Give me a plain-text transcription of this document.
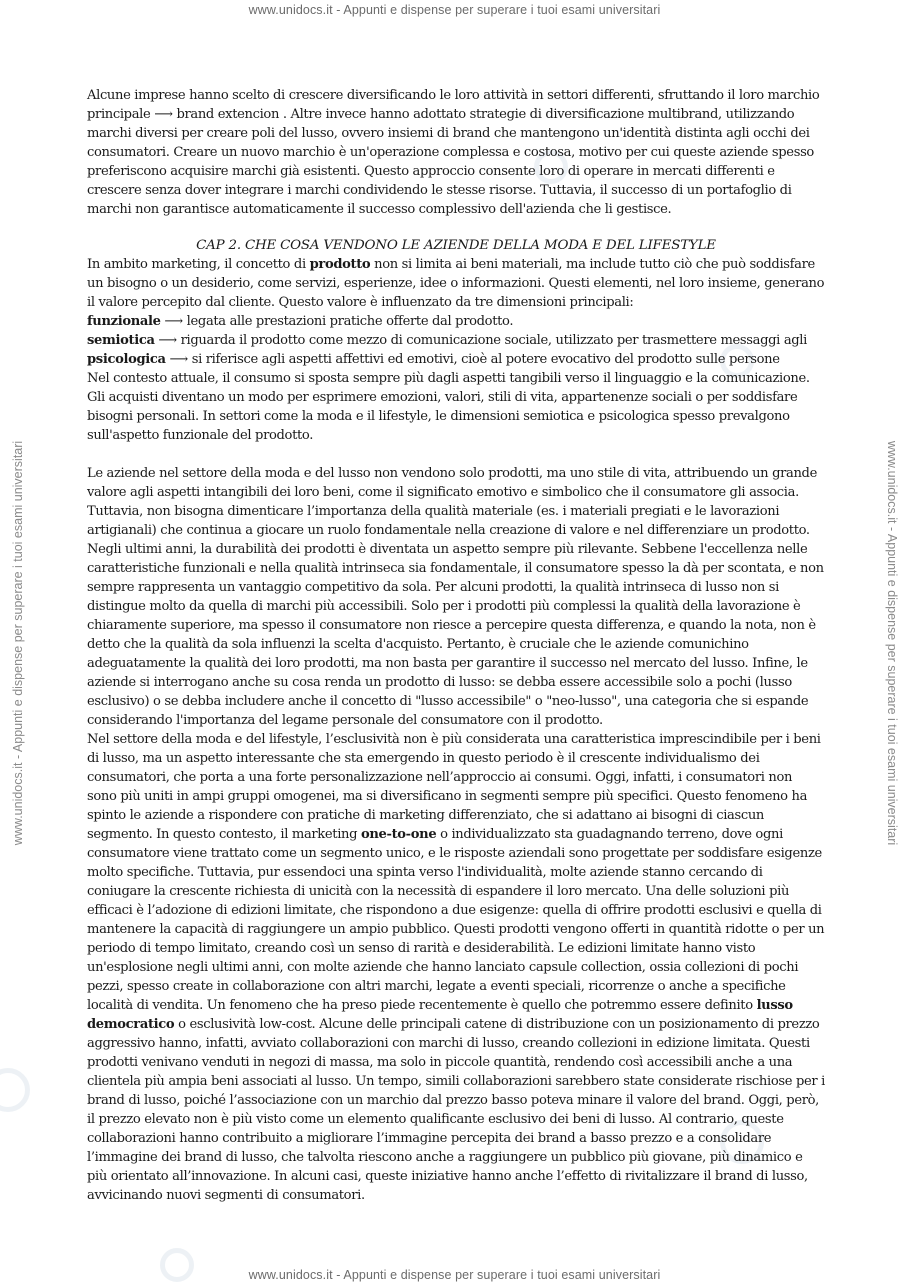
www.unidocs.it - Appunti e dispense per superare i tuoi esami universitari
www.unidocs.it - Appunti e dispense per superare i tuoi esami universitari	www.unidocs.it - Appunti e dispense per superare i tuoi esami universitari

Alcune imprese hanno scelto di crescere diversificando le loro attività in settori differenti, sfruttando il loro marchio principale ⟶ brand extencion . Altre invece hanno adottato strategie di diversificazione multibrand, utilizzando marchi diversi per creare poli del lusso, ovvero insiemi di brand che mantengono un'identità distinta agli occhi dei consumatori. Creare un nuovo marchio è un'operazione complessa e costosa, motivo per cui queste aziende spesso preferiscono acquisire marchi già esistenti. Questo approccio consente loro di operare in mercati differenti e crescere senza dover integrare i marchi condividendo le stesse risorse. Tuttavia, il successo di un portafoglio di marchi non garantisce automaticamente il successo complessivo dell'azienda che li gestisce.

CAP 2. CHE COSA VENDONO LE AZIENDE DELLA MODA E DEL LIFESTYLE

In ambito marketing, il concetto di prodotto non si limita ai beni materiali, ma include tutto ciò che può soddisfare un bisogno o un desiderio, come servizi, esperienze, idee o informazioni. Questi elementi, nel loro insieme, generano il valore percepito dal cliente. Questo valore è influenzato da tre dimensioni principali:

funzionale ⟶ legata alle prestazioni pratiche offerte dal prodotto.

semiotica ⟶ riguarda il prodotto come mezzo di comunicazione sociale, utilizzato per trasmettere messaggi agli

psicologica ⟶ si riferisce agli aspetti affettivi ed emotivi, cioè al potere evocativo del prodotto sulle persone

Nel contesto attuale, il consumo si sposta sempre più dagli aspetti tangibili verso il linguaggio e la comunicazione. Gli acquisti diventano un modo per esprimere emozioni, valori, stili di vita, appartenenze sociali o per soddisfare bisogni personali. In settori come la moda e il lifestyle, le dimensioni semiotica e psicologica spesso prevalgono sull'aspetto funzionale del prodotto.

Le aziende nel settore della moda e del lusso non vendono solo prodotti, ma uno stile di vita, attribuendo un grande valore agli aspetti intangibili dei loro beni, come il significato emotivo e simbolico che il consumatore gli associa. Tuttavia, non bisogna dimenticare l’importanza della qualità materiale (es. i materiali pregiati e le lavorazioni artigianali) che continua a giocare un ruolo fondamentale nella creazione di valore e nel differenziare un prodotto. Negli ultimi anni, la durabilità dei prodotti è diventata un aspetto sempre più rilevante. Sebbene l'eccellenza nelle caratteristiche funzionali e nella qualità intrinseca sia fondamentale, il consumatore spesso la dà per scontata, e non sempre rappresenta un vantaggio competitivo da sola. Per alcuni prodotti, la qualità intrinseca di lusso non si distingue molto da quella di marchi più accessibili. Solo per i prodotti più complessi la qualità della lavorazione è chiaramente superiore, ma spesso il consumatore non riesce a percepire questa differenza, e quando la nota, non è detto che la qualità da sola influenzi la scelta d'acquisto. Pertanto, è cruciale che le aziende comunichino adeguatamente la qualità dei loro prodotti, ma non basta per garantire il successo nel mercato del lusso. Infine, le aziende si interrogano anche su cosa renda un prodotto di lusso: se debba essere accessibile solo a pochi (lusso esclusivo) o se debba includere anche il concetto di "lusso accessibile" o "neo-lusso", una categoria che si espande considerando l'importanza del legame personale del consumatore con il prodotto.

Nel settore della moda e del lifestyle, l’esclusività non è più considerata una caratteristica imprescindibile per i beni di lusso, ma un aspetto interessante che sta emergendo in questo periodo è il crescente individualismo dei consumatori, che porta a una forte personalizzazione nell’approccio ai consumi. Oggi, infatti, i consumatori non sono più uniti in ampi gruppi omogenei, ma si diversificano in segmenti sempre più specifici. Questo fenomeno ha spinto le aziende a rispondere con pratiche di marketing differenziato, che si adattano ai bisogni di ciascun segmento. In questo contesto, il marketing one-to-one o individualizzato sta guadagnando terreno, dove ogni consumatore viene trattato come un segmento unico, e le risposte aziendali sono progettate per soddisfare esigenze molto specifiche. Tuttavia, pur essendoci una spinta verso l'individualità, molte aziende stanno cercando di coniugare la crescente richiesta di unicità con la necessità di espandere il loro mercato. Una delle soluzioni più efficaci è l’adozione di edizioni limitate, che rispondono a due esigenze: quella di offrire prodotti esclusivi e quella di mantenere la capacità di raggiungere un ampio pubblico. Questi prodotti vengono offerti in quantità ridotte o per un periodo di tempo limitato, creando così un senso di rarità e desiderabilità. Le edizioni limitate hanno visto un'esplosione negli ultimi anni, con molte aziende che hanno lanciato capsule collection, ossia collezioni di pochi pezzi, spesso create in collaborazione con altri marchi, legate a eventi speciali, ricorrenze o anche a specifiche località di vendita. Un fenomeno che ha preso piede recentemente è quello che potremmo essere definito lusso democratico o esclusività low-cost. Alcune delle principali catene di distribuzione con un posizionamento di prezzo aggressivo hanno, infatti, avviato collaborazioni con marchi di lusso, creando collezioni in edizione limitata. Questi prodotti venivano venduti in negozi di massa, ma solo in piccole quantità, rendendo così accessibili anche a una clientela più ampia beni associati al lusso. Un tempo, simili collaborazioni sarebbero state considerate rischiose per i brand di lusso, poiché l’associazione con un marchio dal prezzo basso poteva minare il valore del brand. Oggi, però, il prezzo elevato non è più visto come un elemento qualificante esclusivo dei beni di lusso. Al contrario, queste collaborazioni hanno contribuito a migliorare l’immagine percepita dei brand a basso prezzo e a consolidare l’immagine dei brand di lusso, che talvolta riescono anche a raggiungere un pubblico più giovane, più dinamico e più orientato all’innovazione. In alcuni casi, queste iniziative hanno anche l’effetto di rivitalizzare il brand di lusso, avvicinando nuovi segmenti di consumatori.

www.unidocs.it - Appunti e dispense per superare i tuoi esami universitari
